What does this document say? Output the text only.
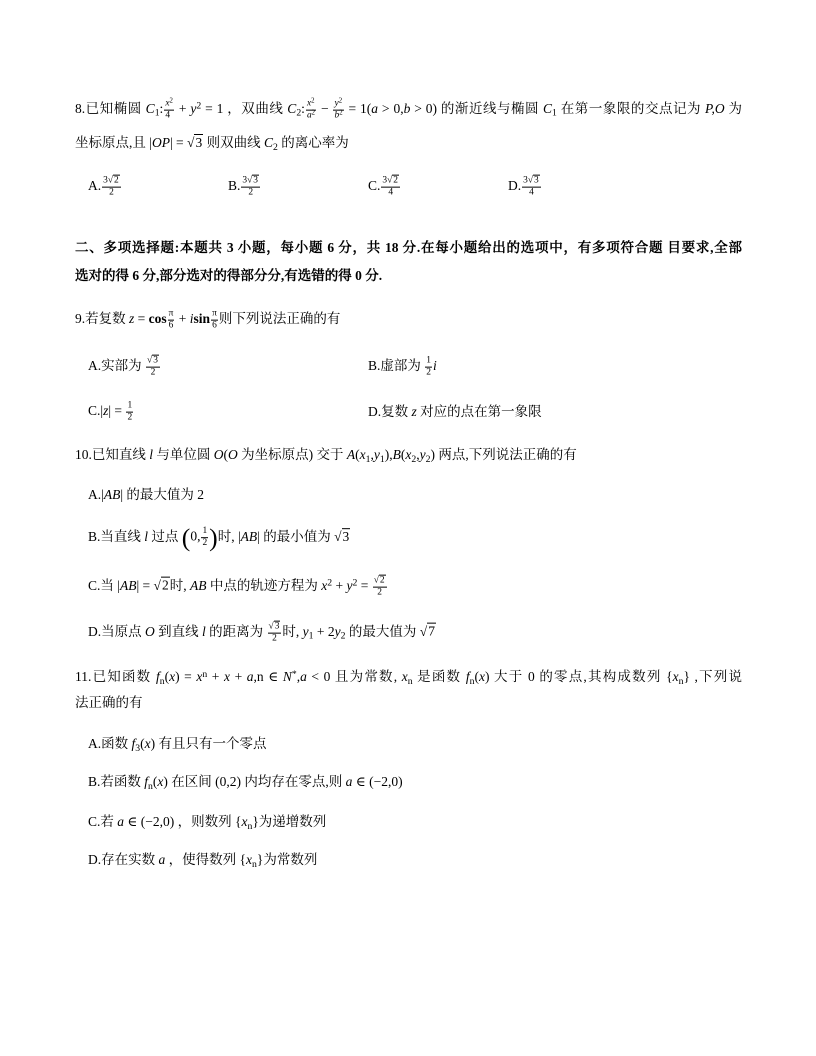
8.已知椭圆 $C_1$: $\frac{x^2}{4} + y^2 = 1$ ，双曲线 $C_2$: $\frac{x^2}{a^2} - \frac{y^2}{b^2} = 1(a > 0,b > 0)$ 的渐近线与椭圆 $C_1$ 在第一象限的交点记为 P,O 为
坐标原点,且 |OP| = √3 则双曲线 $C_2$ 的离心率为
A. $\frac{3√2}{2}$	B. $\frac{3√3}{2}$	C. $\frac{3√2}{4}$	D. $\frac{3√3}{4}$
二、多项选择题:本题共 3 小题，每小题 6 分，共 18 分.在每小题给出的选项中，有多项符合题 目要求,全部
选对的得 6 分,部分选对的得部分分,有选错的得 0 分.
9.若复数 $z = \cos \frac{\pi}{6} + isin \frac{\pi}{6}$ 则下列说法正确的有
A.实部为 $\frac{√3}{2}$	B.虚部为 $\frac{1}{2}$ i
$C.|z| = \frac{1}{2}$	D.复数 z 对应的点在第一象限
10.已知直线 l 与单位圆 O(O 为坐标原点) 交于 $A(x_1,y_1),B(x_2,y_2)$ 两点,下列说法正确的有
A.|AB| 的最大值为 2
B.当直线 l 过点 ( 0, $\frac{1}{2}$ ) 时, |AB| 的最小值为 √3
C.当 |AB| = √2时, AB 中点的轨迹方程为 $x^2 + y^2 = \frac{√2}{2}$
D.当原点 O 到直线 l 的距离为 $\frac{√3}{2}$ 时, $y_1 + 2y_2$ 的最大值为 √7
11.已知函数 $f_n(x) = x^n + x + a,n$ ∈ N*,a < 0 且为常数, $x_n$ 是函数 $f_n(x)$ 大于 0 的零点,其构成数列 $\{x_n\}$ ,下列说
法正确的有
A.函数 $f_3(x)$ 有且只有一个零点
B.若函数 $f_n(x)$ 在区间 (0,2) 内均存在零点,则 a ∈ (−2,0)
C.若 a ∈ (−2,0) ，则数列 $\{x_n\}$为递增数列
D.存在实数 a ，使得数列 $\{x_n\}$为常数列
